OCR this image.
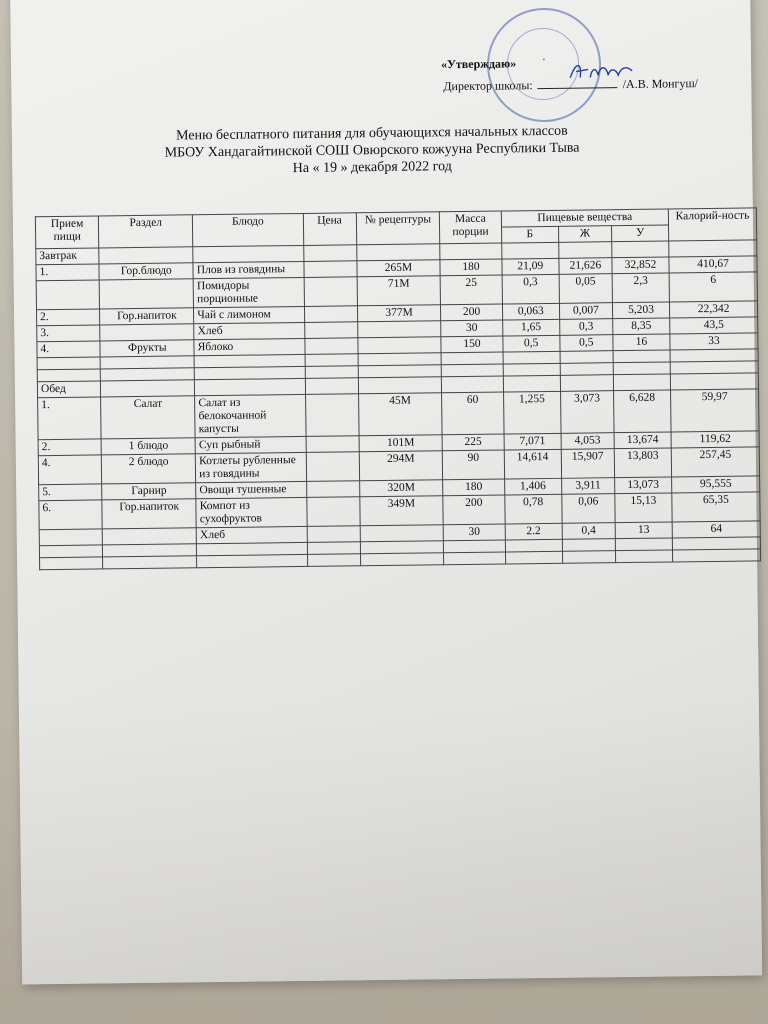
•
«Утверждаю»
Директор школы:	/А.В. Монгуш/
Меню бесплатного питания для обучающихся начальных классов
МБОУ Хандагайтинской СОШ Овюрского кожууна Республики Тыва
На « 19 » декабря 2022 год
Прием пищи	Раздел	Блюдо	Цена	№ рецептуры	Масса порции	Пищевые вещества			Калорий-ность
						Б	Ж	У	
Завтрак									
1.	Гор.блюдо	Плов из говядины		265М	180	21,09	21,626	32,852	410,67
		Помидоры порционные		71М	25	0,3	0,05	2,3	6
2.	Гор.напиток	Чай с лимоном		377М	200	0,063	0,007	5,203	22,342
3.		Хлеб			30	1,65	0,3	8,35	43,5
4.	Фрукты	Яблоко			150	0,5	0,5	16	33

Обед									
1.	Салат	Салат из белокочанной капусты		45М	60	1,255	3,073	6,628	59,97
2.	1 блюдо	Суп рыбный		101М	225	7,071	4,053	13,674	119,62
4.	2 блюдо	Котлеты рубленные из говядины		294М	90	14,614	15,907	13,803	257,45
5.	Гарнир	Овощи тушенные		320М	180	1,406	3,911	13,073	95,555
6.	Гор.напиток	Компот из сухофруктов		349М	200	0,78	0,06	15,13	65,35
		Хлеб			30	2.2	0,4	13	64
